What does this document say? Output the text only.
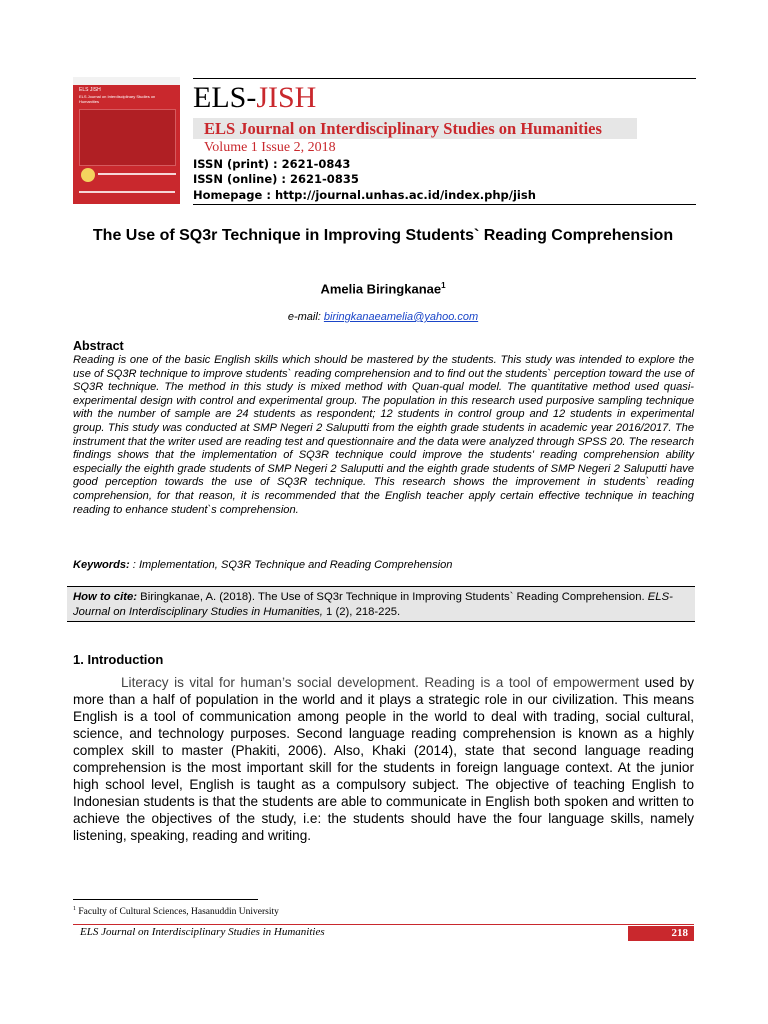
ELS JISH
ELS Journal on Interdisciplinary Studies on Humanities	ELS-JISH
ELS Journal on Interdisciplinary Studies on Humanities
Volume 1 Issue 2, 2018
ISSN (print) : 2621-0843
ISSN (online) : 2621-0835
Homepage : http://journal.unhas.ac.id/index.php/jish
The Use of SQ3r Technique in Improving Students` Reading Comprehension
Amelia Biringkanae$^1$
e-mail: biringkanaeamelia@yahoo.com
Abstract
Reading is one of the basic English skills which should be mastered by the students. This study was intended to explore the use of SQ3R technique to improve students` reading comprehension and to find out the students` perception toward the use of SQ3R technique. The method in this study is mixed method with Quan-qual model. The quantitative method used quasi-experimental design with control and experimental group. The population in this research used purposive sampling technique with the number of sample are 24 students as respondent; 12 students in control group and 12 students in experimental group. This study was conducted at SMP Negeri 2 Saluputti from the eighth grade students in academic year 2016/2017. The instrument that the writer used are reading test and questionnaire and the data were analyzed through SPSS 20. The research findings shows that the implementation of SQ3R technique could improve the students' reading comprehension ability especially the eighth grade students of SMP Negeri 2 Saluputti and the eighth grade students of SMP Negeri 2 Saluputti have good perception towards the use of SQ3R technique. This research shows the improvement in students` reading comprehension, for that reason, it is recommended that the English teacher apply certain effective technique in teaching reading to enhance student`s comprehension.
Keywords: : Implementation, SQ3R Technique and Reading Comprehension
How to cite: Biringkanae, A. (2018). The Use of SQ3r Technique in Improving Students` Reading Comprehension. ELS-Journal on Interdisciplinary Studies in Humanities, 1 (2), 218-225.
1. Introduction
Literacy is vital for human’s social development. Reading is a tool of empowerment used by more than a half of population in the world and it plays a strategic role in our civilization. This means English is a tool of communication among people in the world to deal with trading, social cultural, science, and technology purposes. Second language reading comprehension is known as a highly complex skill to master (Phakiti, 2006). Also, Khaki (2014), state that second language reading comprehension is the most important skill for the students in foreign language context. At the junior high school level, English is taught as a compulsory subject. The objective of teaching English to Indonesian students is that the students are able to communicate in English both spoken and written to achieve the objectives of the study, i.e: the students should have the four language skills, namely listening, speaking, reading and writing.
$^1$ Faculty of Cultural Sciences, Hasanuddin University
ELS Journal on Interdisciplinary Studies in Humanities	218
